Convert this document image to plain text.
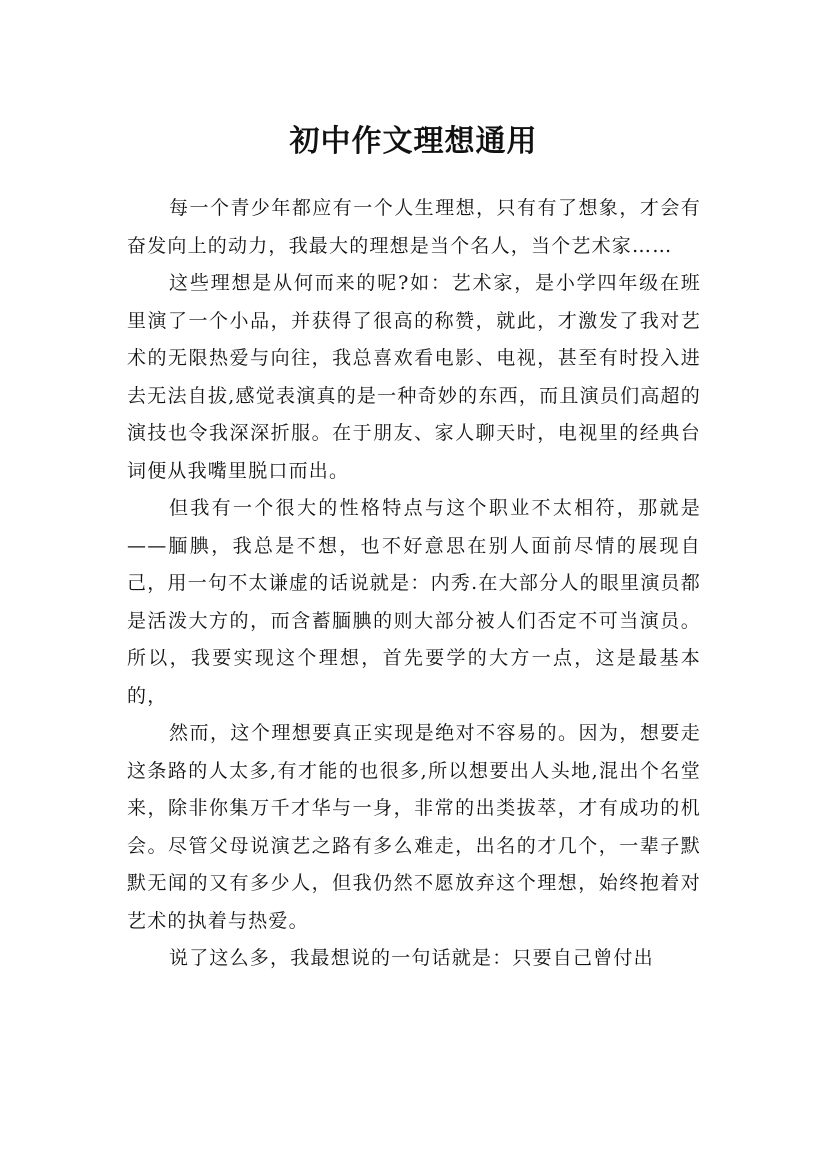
初中作文理想通用

每一个青少年都应有一个人生理想，只有有了想象，才会有奋发向上的动力，我最大的理想是当个名人，当个艺术家……

这些理想是从何而来的呢?如：艺术家，是小学四年级在班里演了一个小品，并获得了很高的称赞，就此，才激发了我对艺术的无限热爱与向往，我总喜欢看电影、电视，甚至有时投入进去无法自拔,感觉表演真的是一种奇妙的东西，而且演员们高超的演技也令我深深折服。在于朋友、家人聊天时，电视里的经典台词便从我嘴里脱口而出。

但我有一个很大的性格特点与这个职业不太相符，那就是——腼腆，我总是不想，也不好意思在别人面前尽情的展现自己，用一句不太谦虚的话说就是：内秀.在大部分人的眼里演员都是活泼大方的，而含蓄腼腆的则大部分被人们否定不可当演员。所以，我要实现这个理想，首先要学的大方一点，这是最基本的，

然而，这个理想要真正实现是绝对不容易的。因为，想要走这条路的人太多,有才能的也很多,所以想要出人头地,混出个名堂来，除非你集万千才华与一身，非常的出类拔萃，才有成功的机会。尽管父母说演艺之路有多么难走，出名的才几个，一辈子默默无闻的又有多少人，但我仍然不愿放弃这个理想，始终抱着对艺术的执着与热爱。

说了这么多，我最想说的一句话就是：只要自己曾付出
